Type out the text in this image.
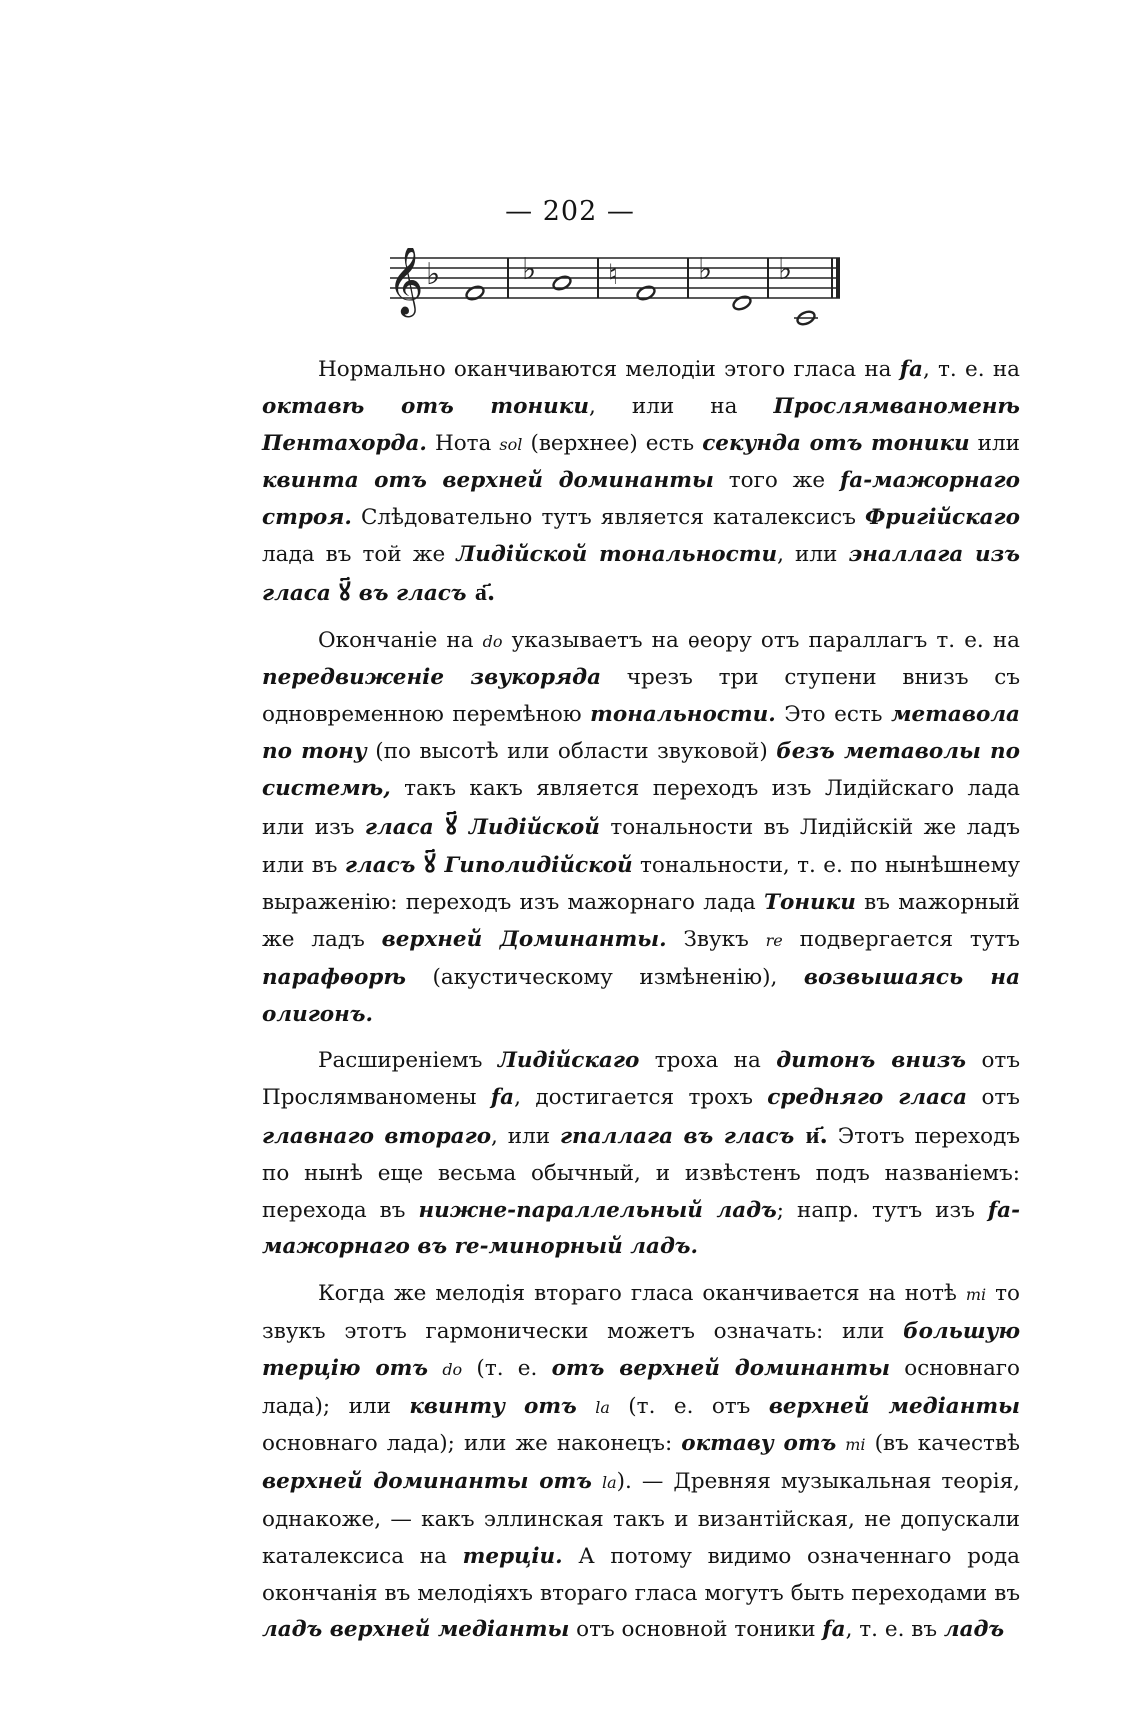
— 202 —
𝄞 ♭	♭	♮	♭ ♭

Нормально оканчиваются мелодіи этого гласа на fa, т. е. на октавѣ отъ тоники, или на Прослямваноменѣ Пентахорда. Нота sol (верхнее) есть секунда отъ тоники или квинта отъ верхней доминанты того же fa-мажорнаго строя. Слѣдовательно тутъ является каталексисъ Фригійскаго лада въ той же Лидійской тональности, или эналлага изъ гласа ꙋ҃ въ гласъ а҃.

Окончаніе на do указываетъ на ѳеору отъ параллагъ т. е. на передвиженіе звукоряда чрезъ три ступени внизъ съ одновременною перемѣною тональности. Это есть метавола по тону (по высотѣ или области звуковой) безъ метаволы по системѣ, такъ какъ является переходъ изъ Лидійскаго лада или изъ гласа ꙋ҃ Лидійской тональности въ Лидійскій же ладъ или въ гласъ ꙋ҃ Гиполидійской тональности, т. е. по нынѣшнему выраженію: переходъ изъ мажорнаго лада Тоники въ мажорный же ладъ верхней Доминанты. Звукъ re подвергается тутъ парафѳорѣ (акустическому измѣненію), возвышаясь на олигонъ.

Расширеніемъ Лидійскаго троха на дитонъ внизъ отъ Прослямваномены fa, достигается трохъ средняго гласа отъ главнаго втораго, или гпаллага въ гласъ и҃. Этотъ переходъ по нынѣ еще весьма обычный, и извѣстенъ подъ названіемъ: перехода въ нижне-параллельный ладъ; напр. тутъ изъ fa-мажорнаго въ re-минорный ладъ.

Когда же мелодія втораго гласа оканчивается на нотѣ mi то звукъ этотъ гармонически можетъ означать: или большую терцію отъ do (т. е. отъ верхней доминанты основнаго лада); или квинту отъ la (т. е. отъ верхней медіанты основнаго лада); или же наконецъ: октаву отъ mi (въ качествѣ верхней доминанты отъ la). — Древняя музыкальная теорія, однакоже, — какъ эллинская такъ и византійская, не допускали каталексиса на терціи. А потому видимо означеннаго рода окончанія въ мелодіяхъ втораго гласа могутъ быть переходами въ ладъ верхней медіанты отъ основной тоники fa, т. е. въ ладъ
